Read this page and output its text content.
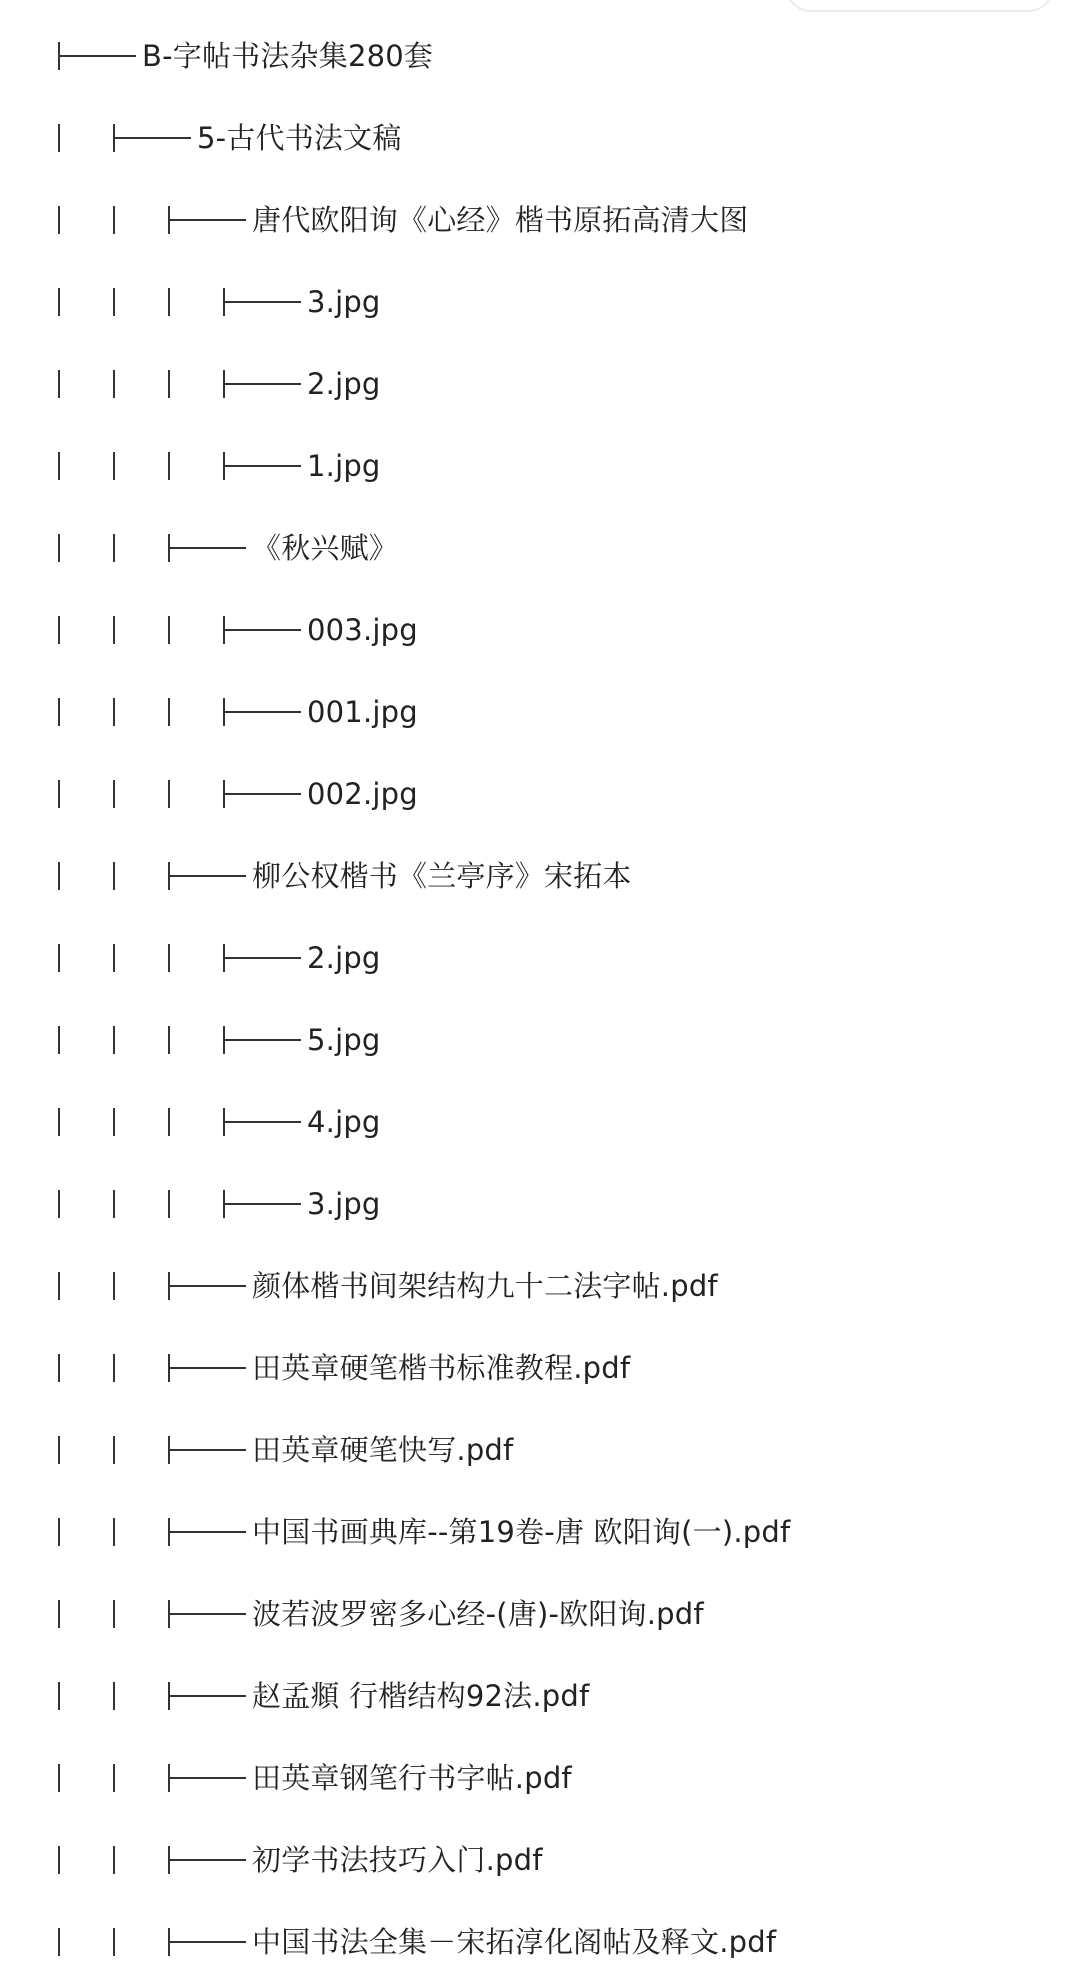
B-字帖书法杂集280套
5-古代书法文稿
唐代欧阳询《心经》楷书原拓高清大图
3.jpg
2.jpg
1.jpg
《秋兴赋》
003.jpg
001.jpg
002.jpg
柳公权楷书《兰亭序》宋拓本
2.jpg
5.jpg
4.jpg
3.jpg
颜体楷书间架结构九十二法字帖.pdf
田英章硬笔楷书标准教程.pdf
田英章硬笔快写.pdf
中国书画典库--第19卷-唐 欧阳询(一).pdf
波若波罗密多心经-(唐)-欧阳询.pdf
赵孟頫 行楷结构92法.pdf
田英章钢笔行书字帖.pdf
初学书法技巧入门.pdf
中国书法全集－宋拓淳化阁帖及释文.pdf
